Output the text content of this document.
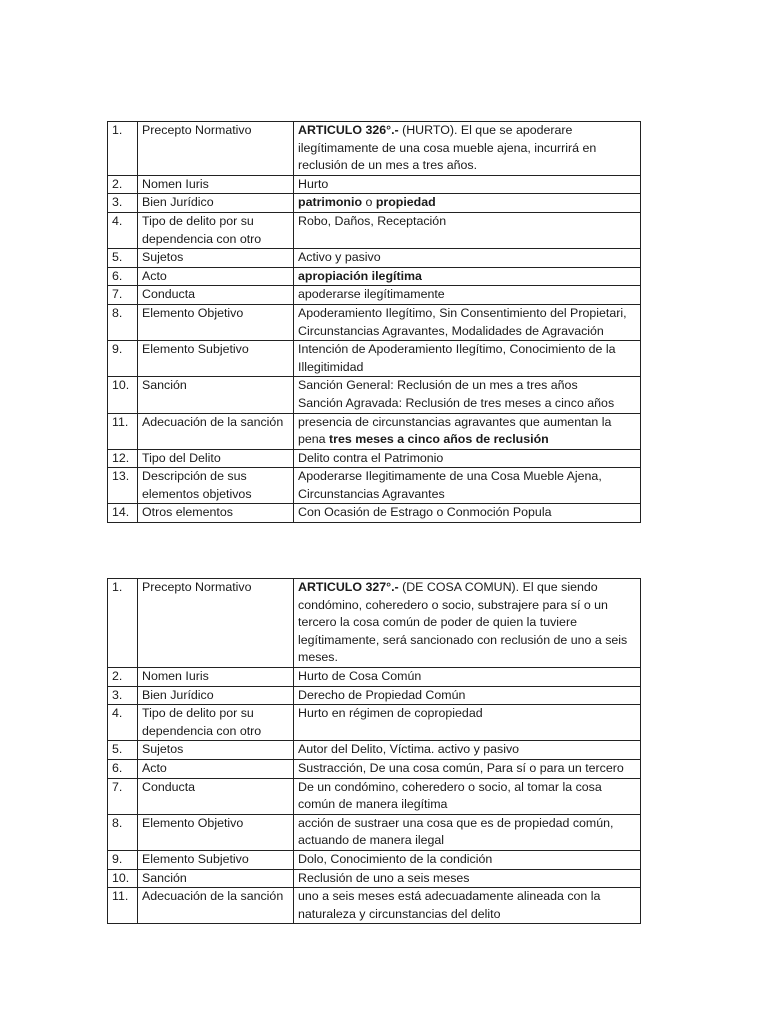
1.	Precepto Normativo	ARTICULO 326°.- (HURTO). El que se apoderare ilegítimamente de una cosa mueble ajena, incurrirá en reclusión de un mes a tres años.
2.	Nomen Iuris	Hurto
3.	Bien Jurídico	patrimonio o propiedad
4.	Tipo de delito por su dependencia con otro	Robo, Daños, Receptación
5.	Sujetos	Activo y pasivo
6.	Acto	apropiación ilegítima
7.	Conducta	apoderarse ilegítimamente
8.	Elemento Objetivo	Apoderamiento Ilegítimo, Sin Consentimiento del Propietari, Circunstancias Agravantes, Modalidades de Agravación
9.	Elemento Subjetivo	Intención de Apoderamiento Ilegítimo, Conocimiento de la Illegitimidad
10.	Sanción	Sanción General: Reclusión de un mes a tres años
Sanción Agravada: Reclusión de tres meses a cinco años
11.	Adecuación de la sanción	presencia de circunstancias agravantes que aumentan la pena tres meses a cinco años de reclusión
12.	Tipo del Delito	Delito contra el Patrimonio
13.	Descripción de sus elementos objetivos	Apoderarse Ilegitimamente de una Cosa Mueble Ajena, Circunstancias Agravantes
14.	Otros elementos	Con Ocasión de Estrago o Conmoción Popula
1.	Precepto Normativo	ARTICULO 327°.- (DE COSA COMUN). El que siendo condómino, coheredero o socio, substrajere para sí o un tercero la cosa común de poder de quien la tuviere legítimamente, será sancionado con reclusión de uno a seis meses.
2.	Nomen Iuris	Hurto de Cosa Común
3.	Bien Jurídico	Derecho de Propiedad Común
4.	Tipo de delito por su dependencia con otro	Hurto en régimen de copropiedad
5.	Sujetos	Autor del Delito, Víctima. activo y pasivo
6.	Acto	Sustracción, De una cosa común, Para sí o para un tercero
7.	Conducta	De un condómino, coheredero o socio, al tomar la cosa común de manera ilegítima
8.	Elemento Objetivo	acción de sustraer una cosa que es de propiedad común, actuando de manera ilegal
9.	Elemento Subjetivo	Dolo, Conocimiento de la condición
10.	Sanción	Reclusión de uno a seis meses
11.	Adecuación de la sanción	uno a seis meses está adecuadamente alineada con la naturaleza y circunstancias del delito
